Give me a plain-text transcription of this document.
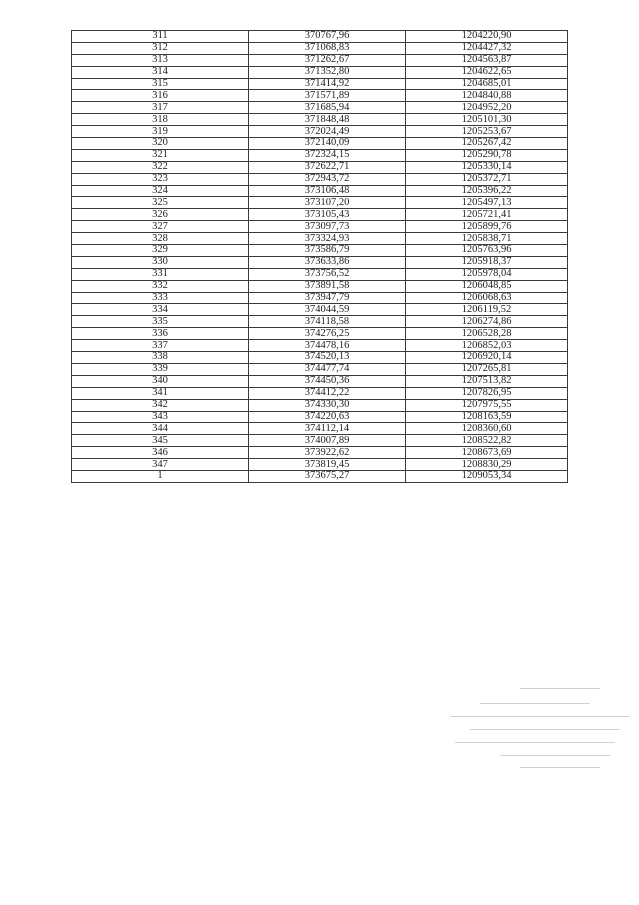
311	370767,96	1204220,90
312	371068,83	1204427,32
313	371262,67	1204563,87
314	371352,80	1204622,65
315	371414,92	1204685,01
316	371571,89	1204840,88
317	371685,94	1204952,20
318	371848,48	1205101,30
319	372024,49	1205253,67
320	372140,09	1205267,42
321	372324,15	1205290,78
322	372622,71	1205330,14
323	372943,72	1205372,71
324	373106,48	1205396,22
325	373107,20	1205497,13
326	373105,43	1205721,41
327	373097,73	1205899,76
328	373324,93	1205838,71
329	373586,79	1205763,96
330	373633,86	1205918,37
331	373756,52	1205978,04
332	373891,58	1206048,85
333	373947,79	1206068,63
334	374044,59	1206119,52
335	374118,58	1206274,86
336	374276,25	1206528,28
337	374478,16	1206852,03
338	374520,13	1206920,14
339	374477,74	1207265,81
340	374450,36	1207513,82
341	374412,22	1207826,95
342	374330,30	1207975,55
343	374220,63	1208163,59
344	374112,14	1208360,60
345	374007,89	1208522,82
346	373922,62	1208673,69
347	373819,45	1208830,29
1	373675,27	1209053,34
